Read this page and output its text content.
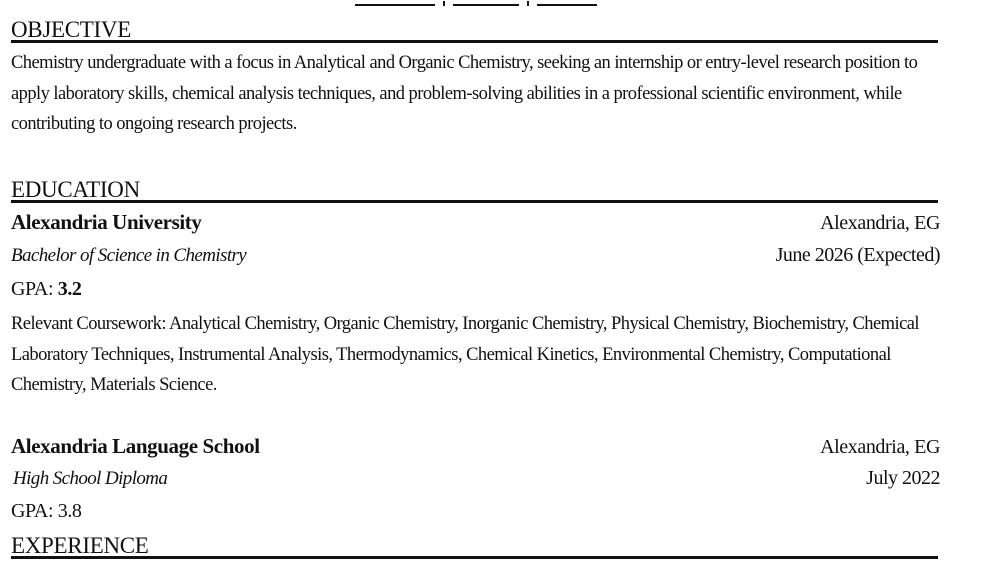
OBJECTIVE
Chemistry undergraduate with a focus in Analytical and Organic Chemistry, seeking an internship or entry-level research position to apply laboratory skills, chemical analysis techniques, and problem-solving abilities in a professional scientific environment, while contributing to ongoing research projects.
EDUCATION
Alexandria University	Alexandria, EG
Bachelor of Science in Chemistry	June 2026 (Expected)
GPA: 3.2
Relevant Coursework: Analytical Chemistry, Organic Chemistry, Inorganic Chemistry, Physical Chemistry, Biochemistry, Chemical Laboratory Techniques, Instrumental Analysis, Thermodynamics, Chemical Kinetics, Environmental Chemistry, Computational Chemistry, Materials Science.
Alexandria Language School	Alexandria, EG
High School Diploma	July 2022
GPA: 3.8
EXPERIENCE
